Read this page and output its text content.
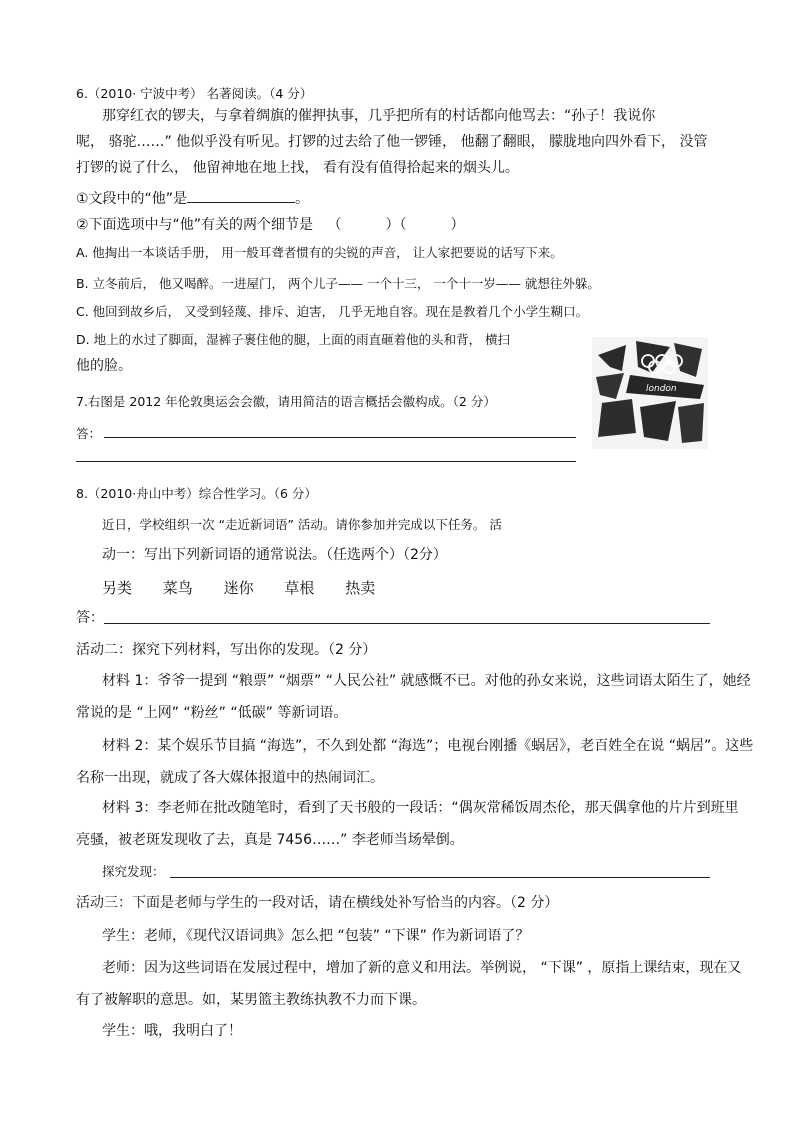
6.（2010· 宁波中考） 名著阅读。（4 分）
那穿红衣的锣夫，与拿着绸旗的催押执事，几乎把所有的村话都向他骂去：“孙子！我说你
呢， 骆驼……” 他似乎没有听见。打锣的过去给了他一锣锤， 他翻了翻眼， 朦胧地向四外看下， 没管
打锣的说了什么， 他留神地在地上找， 看有没有值得拾起来的烟头儿。
①文段中的“他”是	。
②下面选项中与“他”有关的两个细节是 （	）（	）
A. 他掏出一本谈话手册， 用一般耳聋者惯有的尖锐的声音， 让人家把要说的话写下来。
B. 立冬前后， 他又喝醉。一进屋门， 两个儿子—— 一个十三， 一个十一岁—— 就想往外躲。
C. 他回到故乡后， 又受到轻蔑、排斥、迫害， 几乎无地自容。现在是教着几个小学生糊口。
D. 地上的水过了脚面，湿裤子裹住他的腿，上面的雨直砸着他的头和背， 横扫
他的脸。
7.右图是 2012 年伦敦奥运会会徽，请用简洁的语言概括会徽构成。（2 分）
答：
london
8.（2010·舟山中考）综合性学习。（6 分）
近日，学校组织一次 “走近新词语” 活动。请你参加并完成以下任务。 活
动一：写出下列新词语的通常说法。（任选两个）（2分）
另类 菜鸟 迷你 草根 热卖
答：
活动二：探究下列材料，写出你的发现。（2 分）
材料 1：爷爷一提到 “粮票” “烟票” “人民公社” 就感慨不已。对他的孙女来说，这些词语太陌生了，她经
常说的是 “上网” “粉丝” “低碳” 等新词语。
材料 2：某个娱乐节目搞 “海选”，不久到处都 “海选”；电视台刚播《蜗居》，老百姓全在说 “蜗居”。这些
名称一出现，就成了各大媒体报道中的热闹词汇。
材料 3：李老师在批改随笔时，看到了天书般的一段话：“偶灰常稀饭周杰伦，那天偶拿他的片片到班里
亮骚，被老斑发现收了去，真是 7456……” 李老师当场晕倒。
探究发现：
活动三：下面是老师与学生的一段对话，请在横线处补写恰当的内容。（2 分）
学生：老师，《现代汉语词典》怎么把 “包装” “下课” 作为新词语了？
老师：因为这些词语在发展过程中，增加了新的意义和用法。举例说， “下课” ，原指上课结束，现在又
有了被解职的意思。如，某男篮主教练执教不力而下课。
学生：哦，我明白了！
